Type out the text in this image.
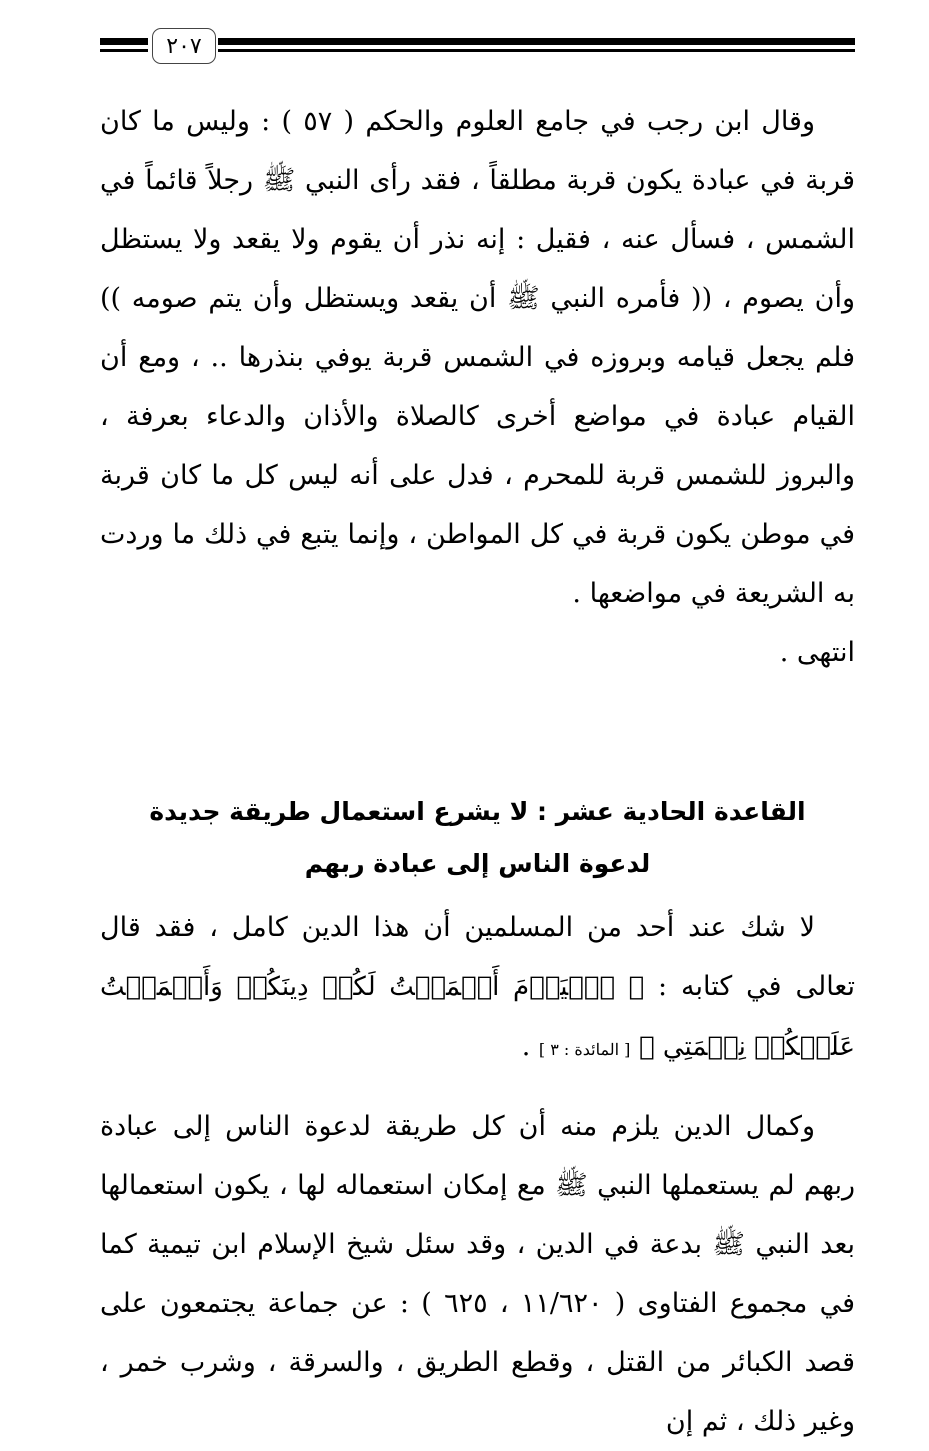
٢٠٧

وقال ابن رجب في جامع العلوم والحكم ( ٥٧ ) : وليس ما كان قربة في عبادة يكون قربة مطلقاً ، فقد رأى النبي ﷺ رجلاً قائماً في الشمس ، فسأل عنه ، فقيل : إنه نذر أن يقوم ولا يقعد ولا يستظل وأن يصوم ، (( فأمره النبي ﷺ أن يقعد ويستظل وأن يتم صومه )) فلم يجعل قيامه وبروزه في الشمس قربة يوفي بنذرها .. ، ومع أن القيام عبادة في مواضع أخرى كالصلاة والأذان والدعاء بعرفة ، والبروز للشمس قربة للمحرم ، فدل على أنه ليس كل ما كان قربة في موطن يكون قربة في كل المواطن ، وإنما يتبع في ذلك ما وردت به الشريعة في مواضعها .

انتهى .

القاعدة الحادية عشر : لا يشرع استعمال طريقة جديدة

لدعوة الناس إلى عبادة ربهم

لا شك عند أحد من المسلمين أن هذا الدين كامل ، فقد قال تعالى في كتابه : ﴿ ٱلۡيَوۡمَ أَكۡمَلۡتُ لَكُمۡ دِينَكُمۡ وَأَتۡمَمۡتُ عَلَيۡكُمۡ نِعۡمَتِي ﴾ [ المائدة : ٣ ] .

وكمال الدين يلزم منه أن كل طريقة لدعوة الناس إلى عبادة ربهم لم يستعملها النبي ﷺ مع إمكان استعماله لها ، يكون استعمالها بعد النبي ﷺ بدعة في الدين ، وقد سئل شيخ الإسلام ابن تيمية كما في مجموع الفتاوى ( ١١/٦٢٠ ، ٦٢٥ ) : عن جماعة يجتمعون على قصد الكبائر من القتل ، وقطع الطريق ، والسرقة ، وشرب خمر ، وغير ذلك ، ثم إن
